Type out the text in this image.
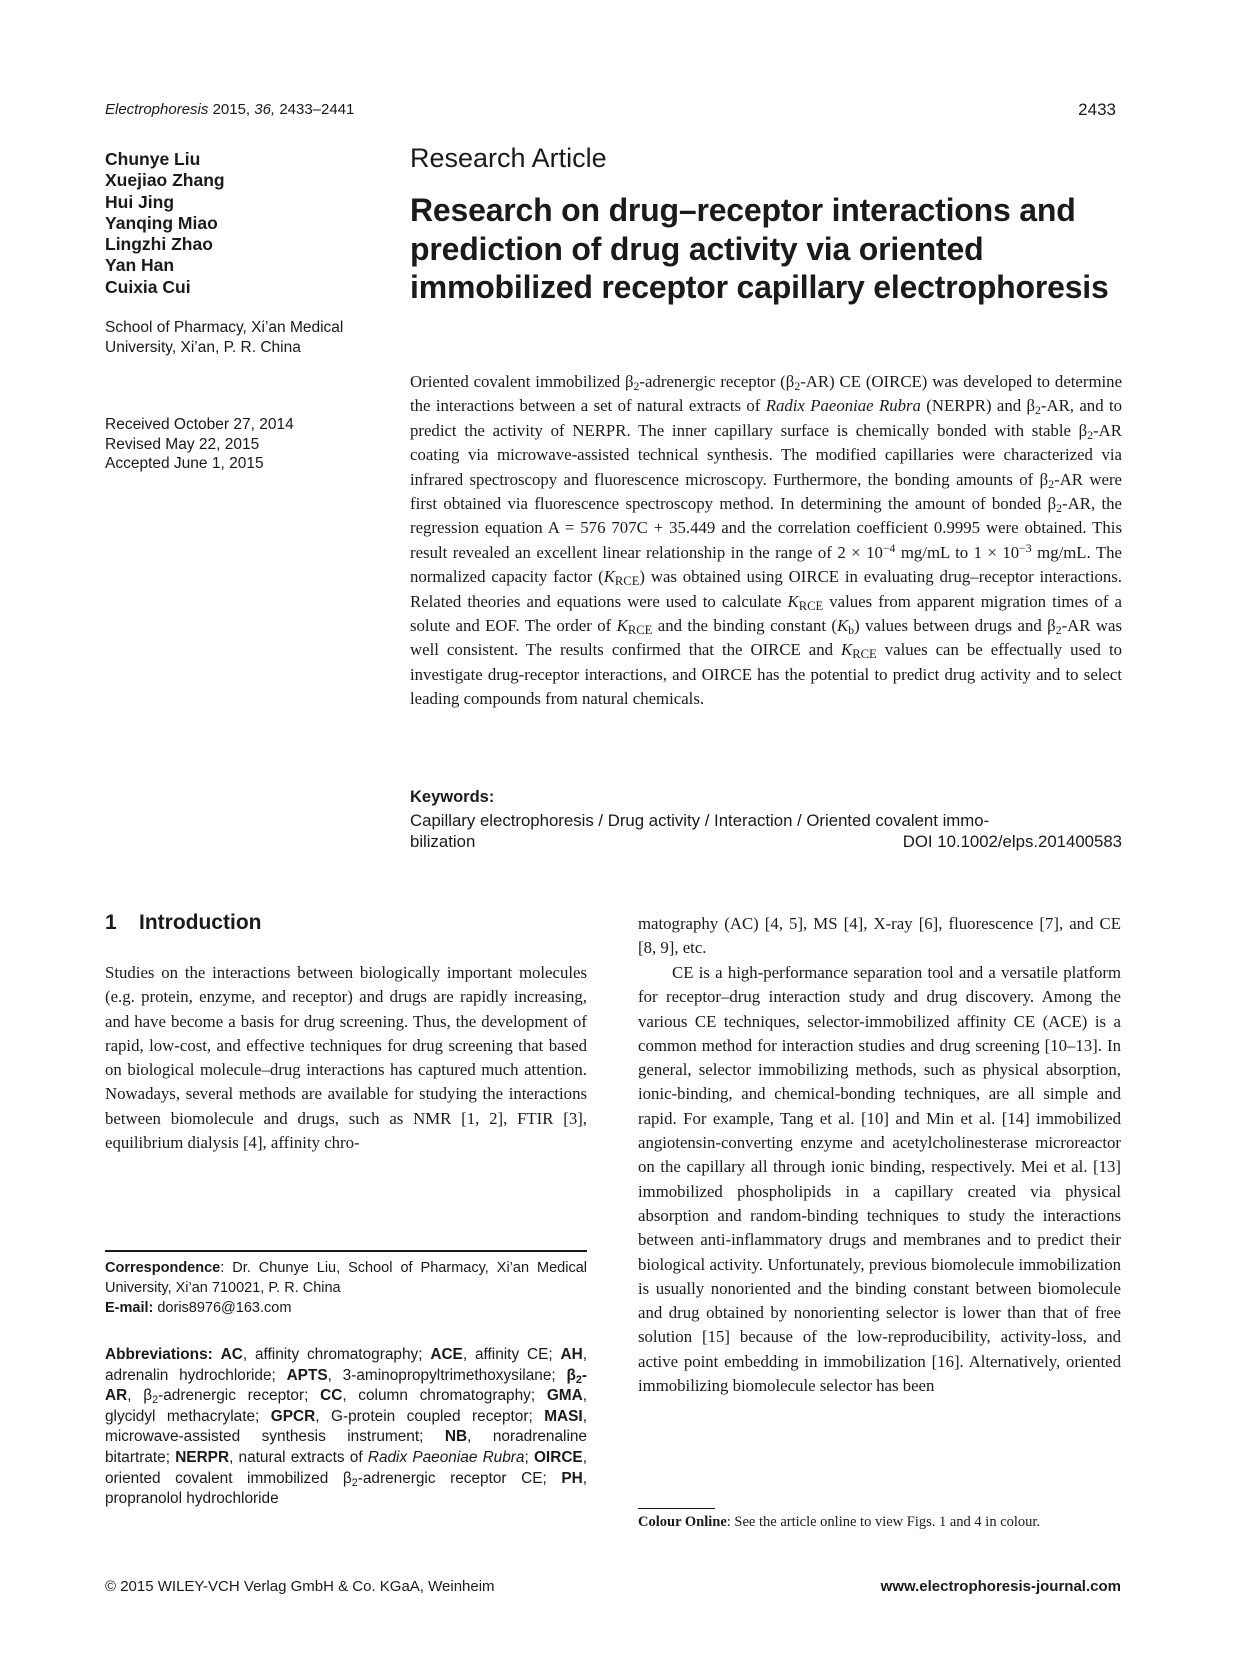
Electrophoresis 2015, 36, 2433–2441	2433
Chunye Liu
Xuejiao Zhang
Hui Jing
Yanqing Miao
Lingzhi Zhao
Yan Han
Cuixia Cui
School of Pharmacy, Xi’an Medical University, Xi’an, P. R. China
Received October 27, 2014
Revised May 22, 2015
Accepted June 1, 2015
Research Article
Research on drug–receptor interactions and prediction of drug activity via oriented immobilized receptor capillary electrophoresis
Oriented covalent immobilized $\beta_2$-adrenergic receptor $(\beta_2-AR)$ CE (OIRCE) was developed to determine the interactions between a set of natural extracts of Radix Paeoniae Rubra (NERPR) and $\beta_2-AR$, and to predict the activity of NERPR. The inner capillary surface is chemically bonded with stable $\beta_2-AR$ coating via microwave-assisted technical synthesis. The modified capillaries were characterized via infrared spectroscopy and fluorescence microscopy. Furthermore, the bonding amounts of $\beta_2-AR$ were first obtained via fluorescence spectroscopy method. In determining the amount of bonded $\beta_2-AR$, the regression equation A = 576 707C + 35.449 and the correlation coefficient 0.9995 were obtained. This result revealed an excellent linear relationship in the range of $2 \times 10^{-4}$ mg/mL to $1 \times 10^{-3}$ mg/mL. The normalized capacity factor $(K_{RCE})$ was obtained using OIRCE in evaluating drug–receptor interactions. Related theories and equations were used to calculate $K_{RCE}$ values from apparent migration times of a solute and EOF. The order of $K_{RCE}$ and the binding constant $(K_b)$ values between drugs and $\beta_2-AR$ was well consistent. The results confirmed that the OIRCE and $K_{RCE}$ values can be effectually used to investigate drug-receptor interactions, and OIRCE has the potential to predict drug activity and to select leading compounds from natural chemicals.
Keywords:
Capillary electrophoresis / Drug activity / Interaction / Oriented covalent immo-
bilization	DOI 10.1002/elps.201400583
1 Introduction
Studies on the interactions between biologically important molecules (e.g. protein, enzyme, and receptor) and drugs are rapidly increasing, and have become a basis for drug screening. Thus, the development of rapid, low-cost, and effective techniques for drug screening that based on biological molecule–drug interactions has captured much attention. Nowadays, several methods are available for studying the interactions between biomolecule and drugs, such as NMR [1, 2], FTIR [3], equilibrium dialysis [4], affinity chro-
matography (AC) [4, 5], MS [4], X-ray [6], fluorescence [7], and CE [8, 9], etc.
CE is a high-performance separation tool and a versatile platform for receptor–drug interaction study and drug discovery. Among the various CE techniques, selector-immobilized affinity CE (ACE) is a common method for interaction studies and drug screening [10–13]. In general, selector immobilizing methods, such as physical absorption, ionic-binding, and chemical-bonding techniques, are all simple and rapid. For example, Tang et al. [10] and Min et al. [14] immobilized angiotensin-converting enzyme and acetylcholinesterase microreactor on the capillary all through ionic binding, respectively. Mei et al. [13] immobilized phospholipids in a capillary created via physical absorption and random-binding techniques to study the interactions between anti-inflammatory drugs and membranes and to predict their biological activity. Unfortunately, previous biomolecule immobilization is usually nonoriented and the binding constant between biomolecule and drug obtained by nonorienting selector is lower than that of free solution [15] because of the low-reproducibility, activity-loss, and active point embedding in immobilization [16]. Alternatively, oriented immobilizing biomolecule selector has been
Correspondence: Dr. Chunye Liu, School of Pharmacy, Xi’an Medical University, Xi’an 710021, P. R. China
E-mail: doris8976@163.com
Abbreviations: AC, affinity chromatography; ACE, affinity CE; AH, adrenalin hydrochloride; APTS, 3-aminopropyltrimethoxysilane; $\beta_2-AR$, $\beta_2$-adrenergic receptor; CC, column chromatography; GMA, glycidyl methacrylate; GPCR, G-protein coupled receptor; MASI, microwave-assisted synthesis instrument; NB, noradrenaline bitartrate; NERPR, natural extracts of Radix Paeoniae Rubra; OIRCE, oriented covalent immobilized $\beta_2$-adrenergic receptor CE; PH, propranolol hydrochloride
Colour Online: See the article online to view Figs. 1 and 4 in colour.
© 2015 WILEY-VCH Verlag GmbH & Co. KGaA, Weinheim	www.electrophoresis-journal.com
